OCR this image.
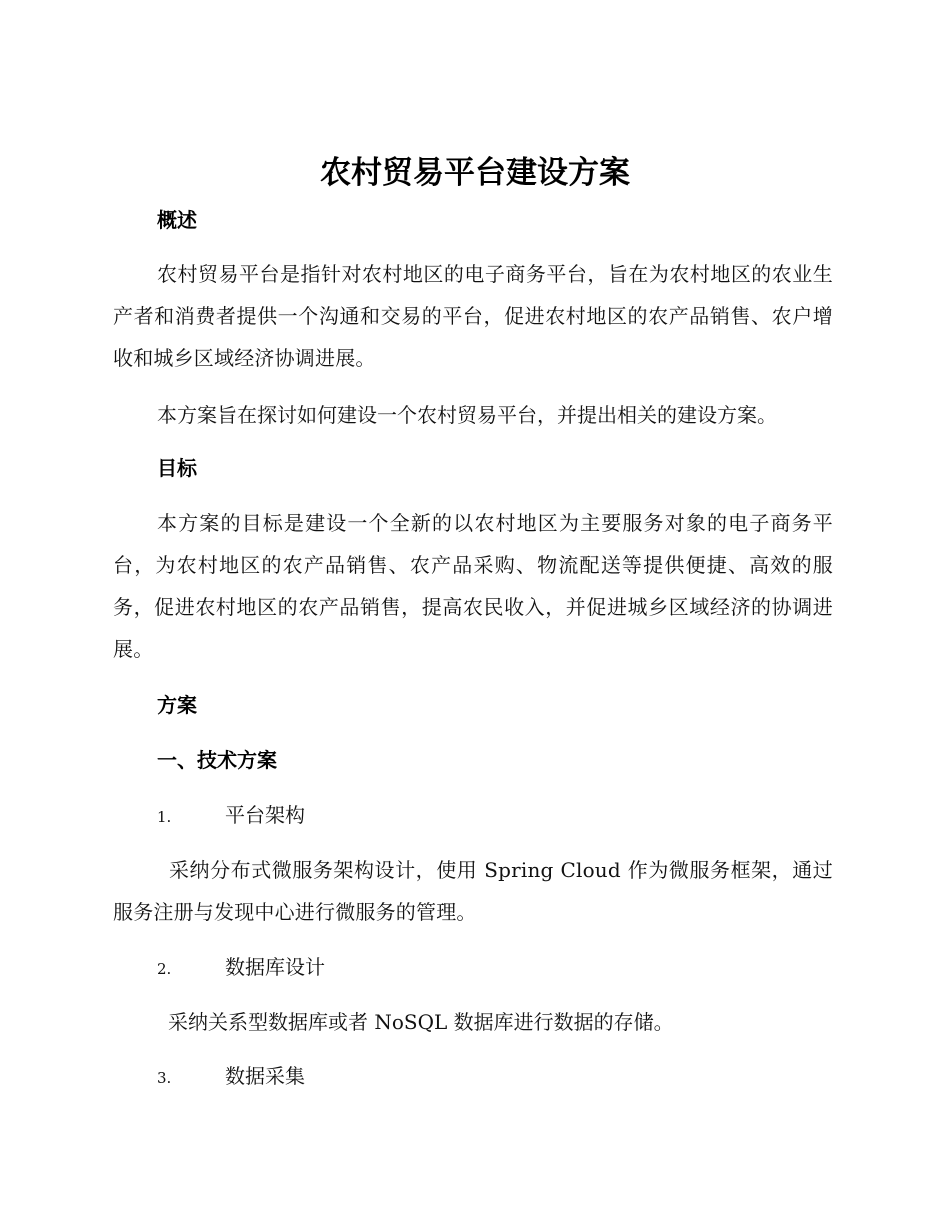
农村贸易平台建设方案
概述

农村贸易平台是指针对农村地区的电子商务平台，旨在为农村地区的农业生产者和消费者提供一个沟通和交易的平台，促进农村地区的农产品销售、农户增收和城乡区域经济协调进展。

本方案旨在探讨如何建设一个农村贸易平台，并提出相关的建设方案。

目标

本方案的目标是建设一个全新的以农村地区为主要服务对象的电子商务平台，为农村地区的农产品销售、农产品采购、物流配送等提供便捷、高效的服务，促进农村地区的农产品销售，提高农民收入，并促进城乡区域经济的协调进展。

方案
一、技术方案
1.	平台架构

采纳分布式微服务架构设计，使用 Spring Cloud 作为微服务框架，通过服务注册与发现中心进行微服务的管理。

2.	数据库设计

采纳关系型数据库或者 NoSQL 数据库进行数据的存储。

3.	数据采集
